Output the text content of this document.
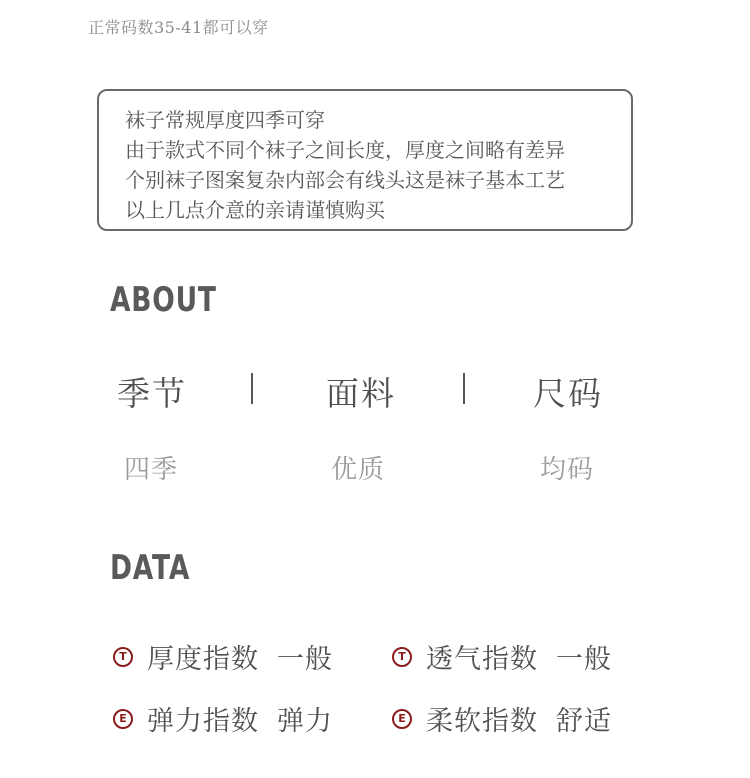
正常码数35-41都可以穿
袜子常规厚度四季可穿
由于款式不同个袜子之间长度，厚度之间略有差异
个别袜子图案复杂内部会有线头这是袜子基本工艺
以上几点介意的亲请谨慎购买
ABOUT
季节	面料	尺码
四季	优质	均码
DATA
T 厚度指数 一般	T 透气指数 一般
E 弹力指数 弹力	E 柔软指数 舒适
